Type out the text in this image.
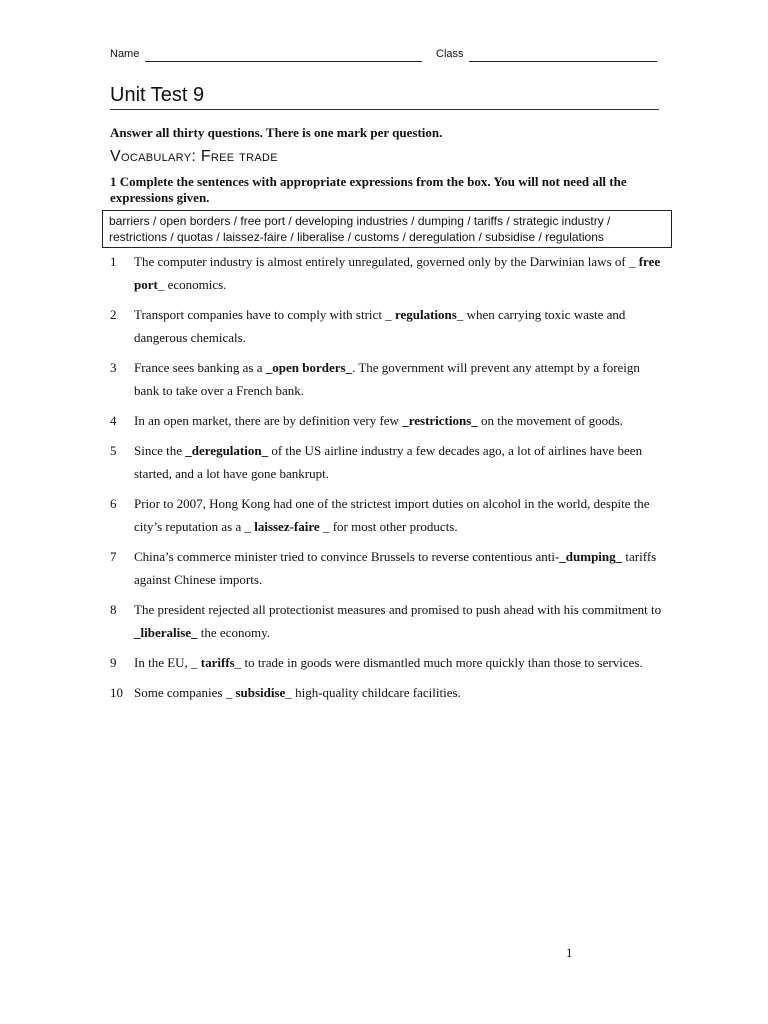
Name	Class
Unit Test 9
Answer all thirty questions. There is one mark per question.
Vocabulary: Free trade
1 Complete the sentences with appropriate expressions from the box. You will not need all the expressions given.
barriers / open borders / free port / developing industries / dumping / tariffs / strategic industry / restrictions / quotas / laissez-faire / liberalise / customs / deregulation / subsidise / regulations
1 The computer industry is almost entirely unregulated, governed only by the Darwinian laws of _ free port_ economics.
2 Transport companies have to comply with strict _ regulations_ when carrying toxic waste and dangerous chemicals.
3 France sees banking as a _open borders_. The government will prevent any attempt by a foreign bank to take over a French bank.
4 In an open market, there are by definition very few _restrictions_ on the movement of goods.
5 Since the _deregulation_ of the US airline industry a few decades ago, a lot of airlines have been started, and a lot have gone bankrupt.
6 Prior to 2007, Hong Kong had one of the strictest import duties on alcohol in the world, despite the city’s reputation as a _ laissez-faire _ for most other products.
7 China’s commerce minister tried to convince Brussels to reverse contentious anti-_dumping_ tariffs against Chinese imports.
8 The president rejected all protectionist measures and promised to push ahead with his commitment to _liberalise_ the economy.
9 In the EU, _ tariffs_ to trade in goods were dismantled much more quickly than those to services.
10 Some companies _ subsidise_ high-quality childcare facilities.
1
